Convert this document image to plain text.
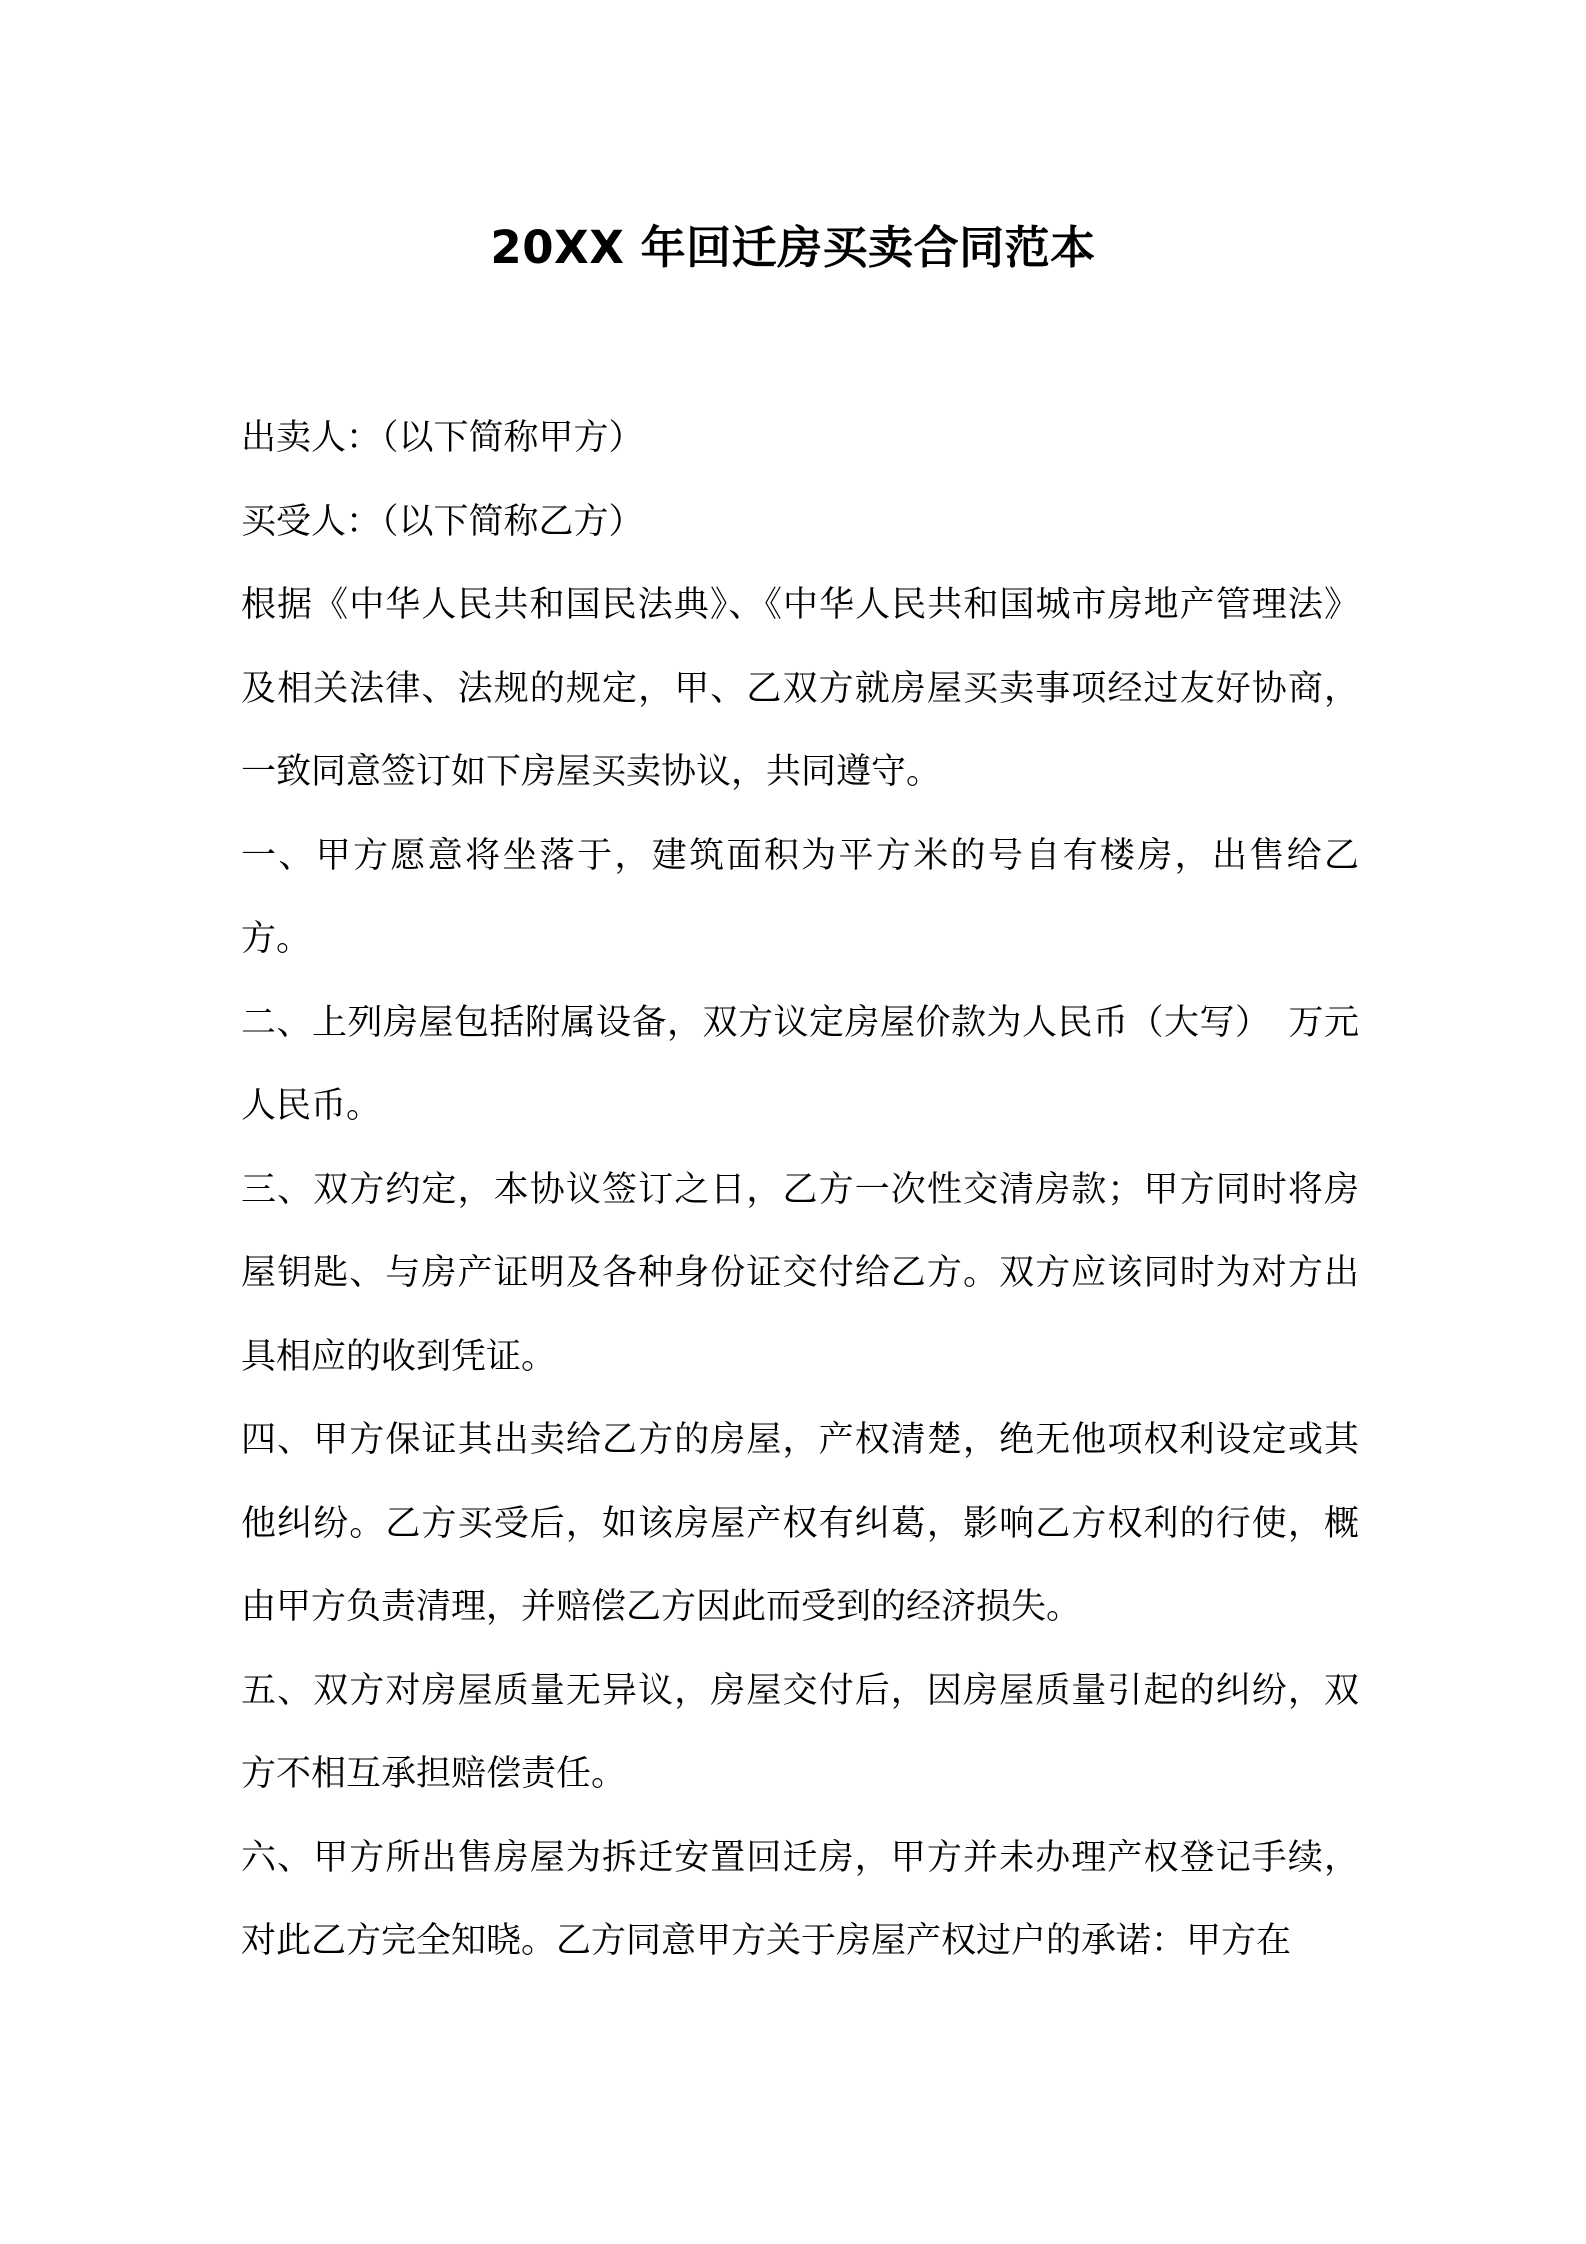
20XX 年回迁房买卖合同范本

出卖人：（以下简称甲方）

买受人：（以下简称乙方）

根据《中华人民共和国民法典》、《中华人民共和国城市房地产管理法》及相关法律、法规的规定，甲、乙双方就房屋买卖事项经过友好协商，一致同意签订如下房屋买卖协议，共同遵守。

一、甲方愿意将坐落于，建筑面积为平方米的号自有楼房，出售给乙方。

二、上列房屋包括附属设备，双方议定房屋价款为人民币（大写）　万元人民币。

三、双方约定，本协议签订之日，乙方一次性交清房款；甲方同时将房屋钥匙、与房产证明及各种身份证交付给乙方。双方应该同时为对方出具相应的收到凭证。

四、甲方保证其出卖给乙方的房屋，产权清楚，绝无他项权利设定或其他纠纷。乙方买受后，如该房屋产权有纠葛，影响乙方权利的行使，概由甲方负责清理，并赔偿乙方因此而受到的经济损失。

五、双方对房屋质量无异议，房屋交付后，因房屋质量引起的纠纷，双方不相互承担赔偿责任。

六、甲方所出售房屋为拆迁安置回迁房，甲方并未办理产权登记手续，对此乙方完全知晓。乙方同意甲方关于房屋产权过户的承诺：甲方在
